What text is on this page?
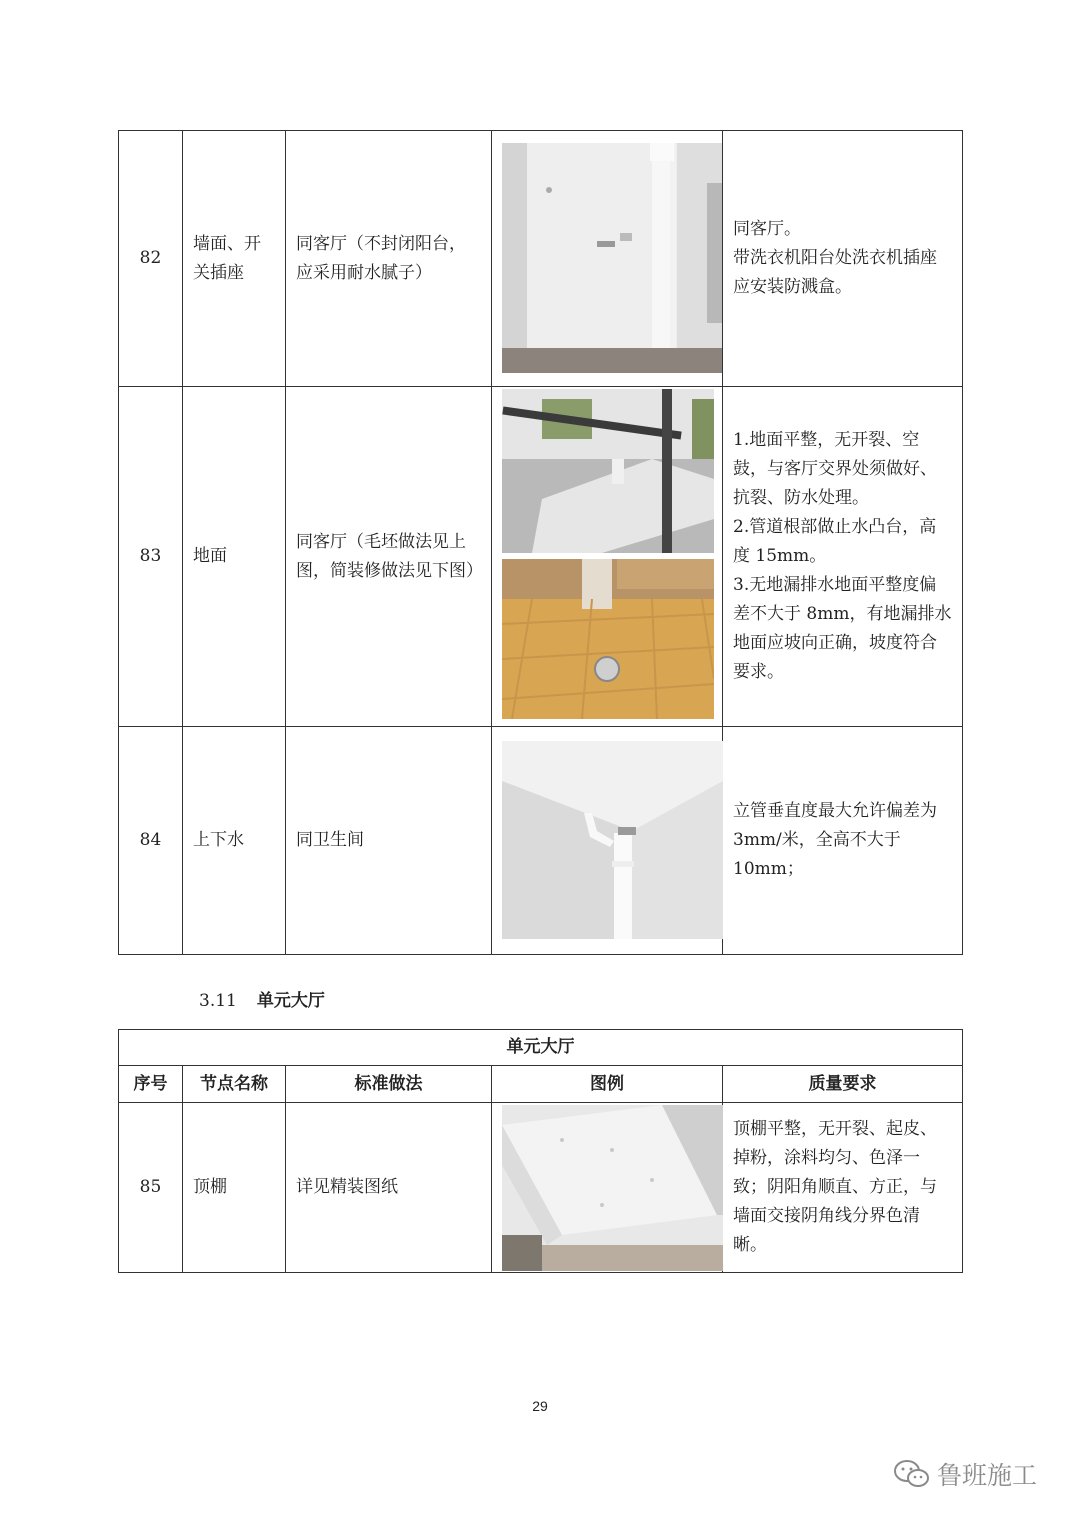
82	墙面、开关插座	同客厅（不封闭阳台，应采用耐水腻子）		同客厅。
带洗衣机阳台处洗衣机插座应安装防溅盒。
83	地面	同客厅（毛坯做法见上图，简装修做法见下图）		1.地面平整，无开裂、空鼓，与客厅交界处须做好、抗裂、防水处理。
2.管道根部做止水凸台，高度 15mm。
3.无地漏排水地面平整度偏差不大于 8mm，有地漏排水地面应坡向正确，坡度符合要求。
84	上下水	同卫生间		立管垂直度最大允许偏差为 3mm/米，全高不大于10mm；
3.11 单元大厅
单元大厅				
序号	节点名称	标准做法	图例	质量要求
85	顶棚	详见精装图纸		顶棚平整，无开裂、起皮、掉粉，涂料均匀、色泽一致；阴阳角顺直、方正，与墙面交接阴角线分界色清晰。
29
鲁班施工
